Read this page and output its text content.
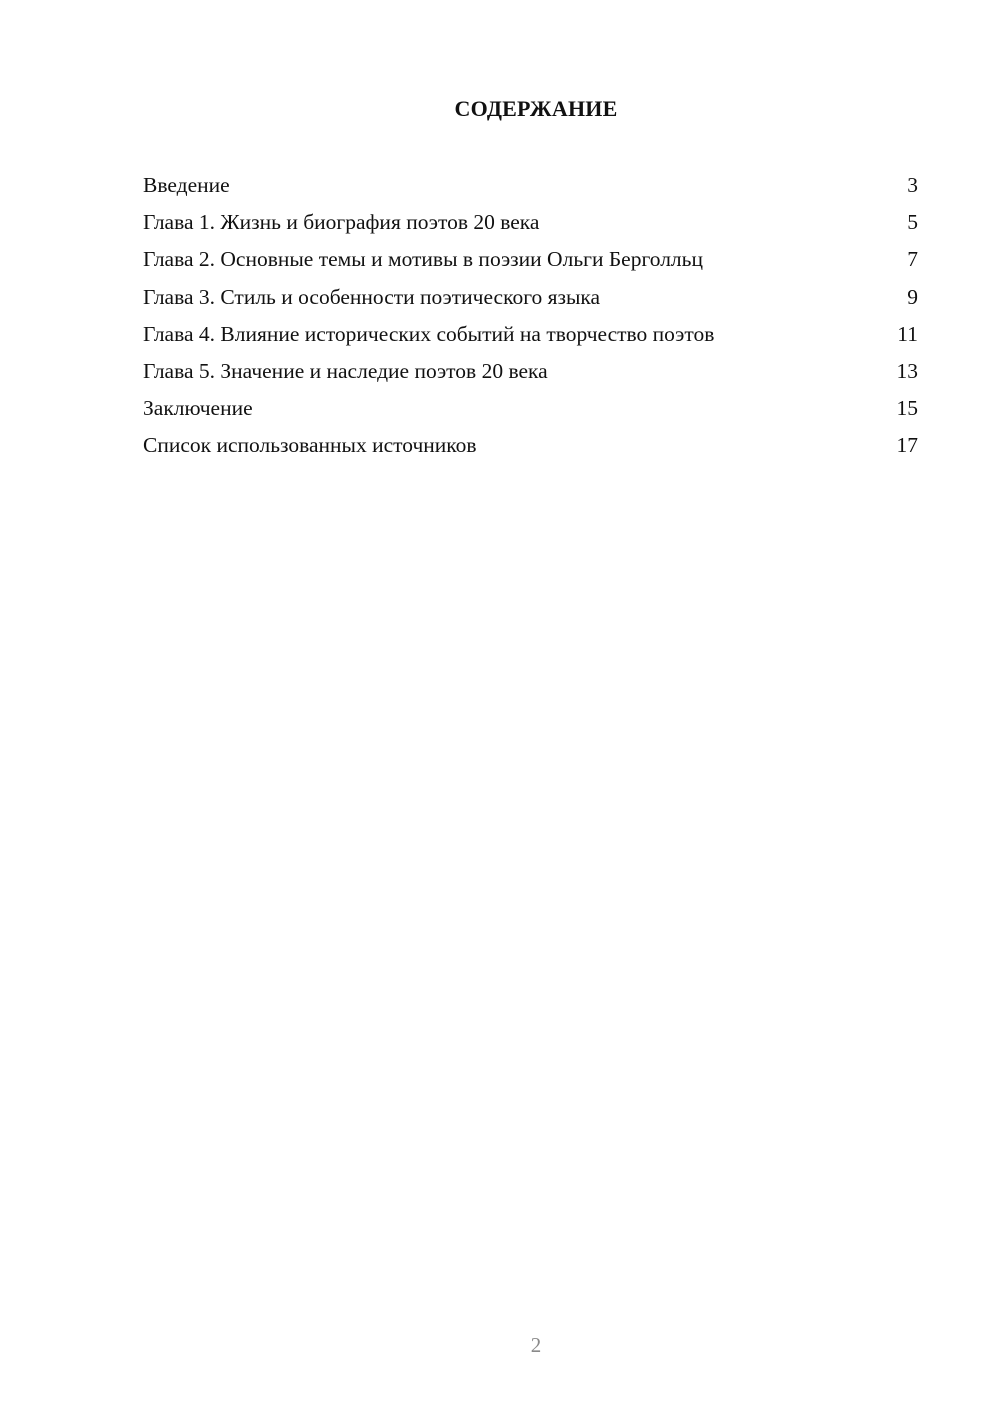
СОДЕРЖАНИЕ
Введение	3
Глава 1. Жизнь и биография поэтов 20 века	5
Глава 2. Основные темы и мотивы в поэзии Ольги Берголльц	7
Глава 3. Стиль и особенности поэтического языка	9
Глава 4. Влияние исторических событий на творчество поэтов	11
Глава 5. Значение и наследие поэтов 20 века	13
Заключение	15
Список использованных источников	17
2
